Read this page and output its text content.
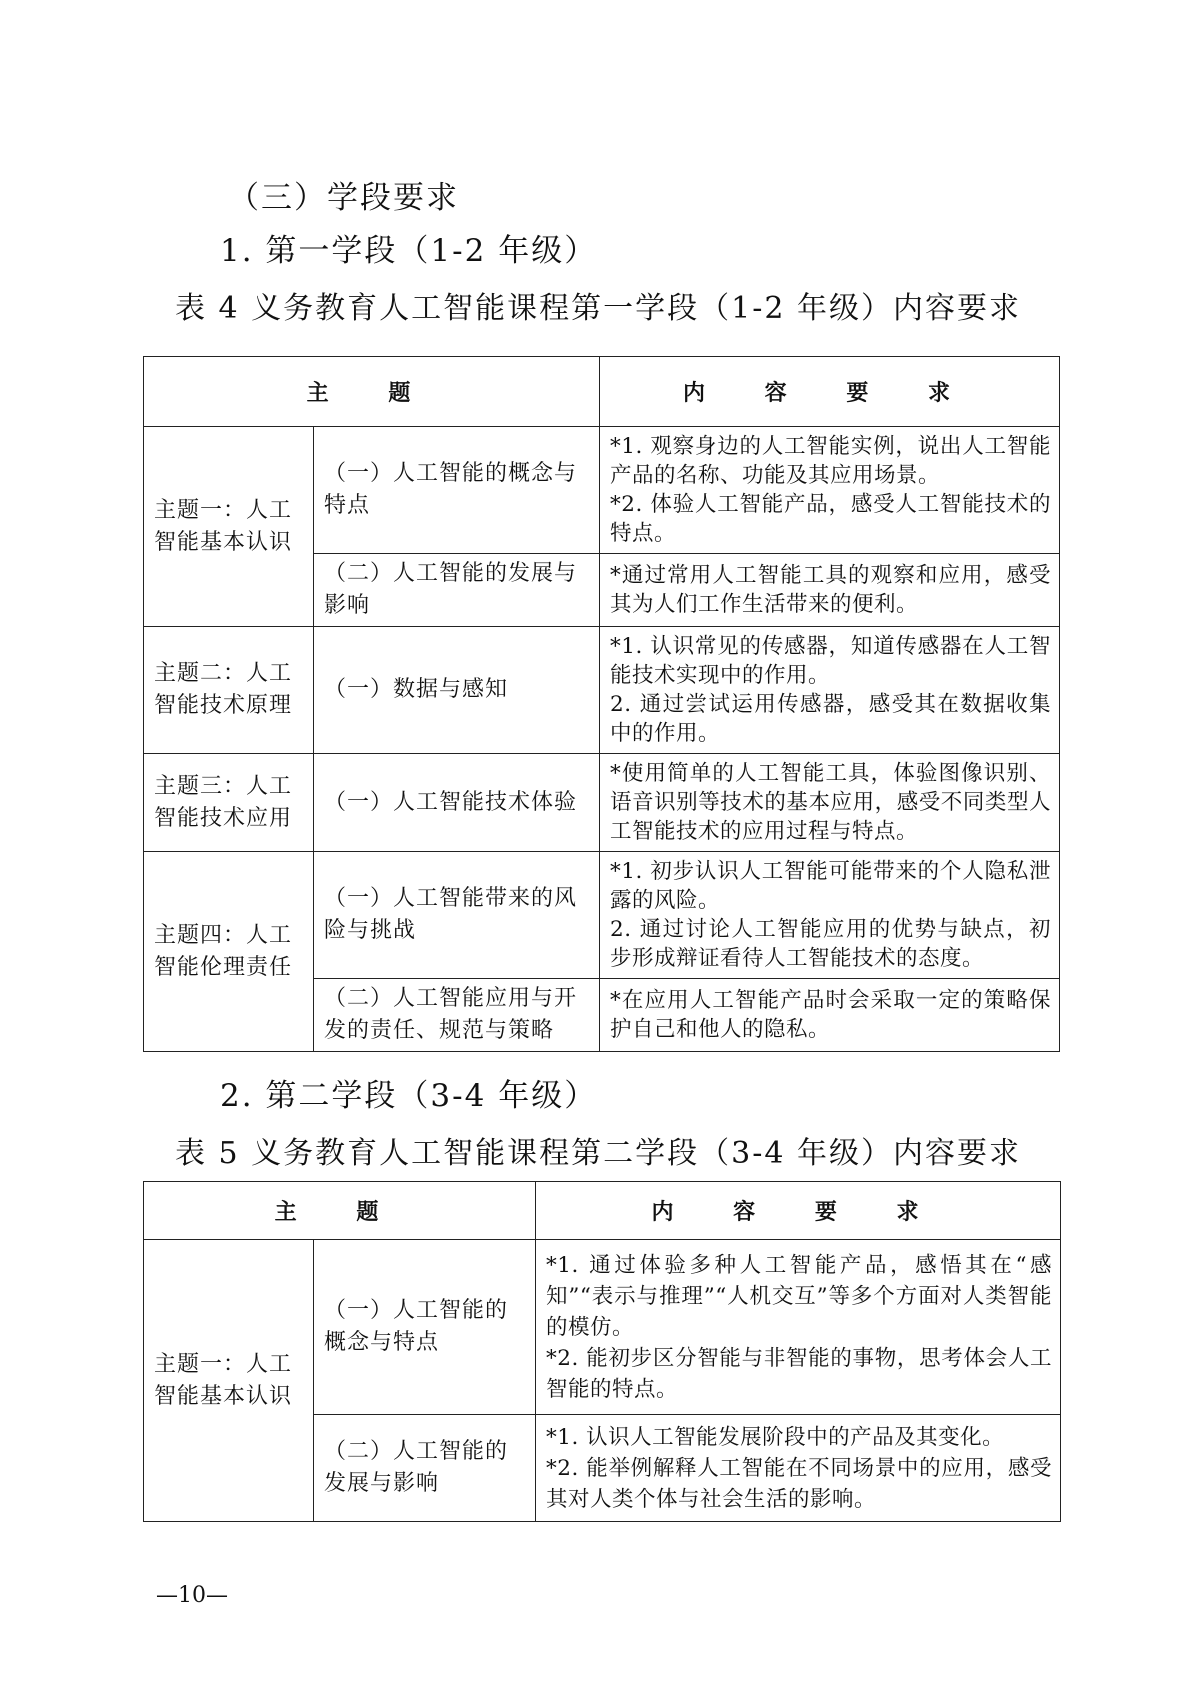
（三）学段要求
1. 第一学段（1-2 年级）
表 4 义务教育人工智能课程第一学段（1-2 年级）内容要求
主 题		内 容 要 求
主题一：人工智能基本认识	（一）人工智能的概念与特点	*1. 观察身边的人工智能实例，说出人工智能产品的名称、功能及其应用场景。

*2. 体验人工智能产品，感受人工智能技术的特点。

	（二）人工智能的发展与影响	*通过常用人工智能工具的观察和应用，感受其为人们工作生活带来的便利。

主题二：人工智能技术原理	（一）数据与感知	*1. 认识常见的传感器，知道传感器在人工智能技术实现中的作用。

2. 通过尝试运用传感器，感受其在数据收集中的作用。

主题三：人工智能技术应用	（一）人工智能技术体验	*使用简单的人工智能工具，体验图像识别、语音识别等技术的基本应用，感受不同类型人工智能技术的应用过程与特点。

主题四：人工智能伦理责任	（一）人工智能带来的风险与挑战	*1. 初步认识人工智能可能带来的个人隐私泄露的风险。

2. 通过讨论人工智能应用的优势与缺点，初步形成辩证看待人工智能技术的态度。

	（二）人工智能应用与开发的责任、规范与策略	*在应用人工智能产品时会采取一定的策略保护自己和他人的隐私。

2. 第二学段（3-4 年级）
表 5 义务教育人工智能课程第二学段（3-4 年级）内容要求
主 题		内 容 要 求
主题一：人工智能基本认识	（一）人工智能的概念与特点	*1. 通过体验多种人工智能产品，感悟其在“感知”“表示与推理”“人机交互”等多个方面对人类智能的模仿。

*2. 能初步区分智能与非智能的事物，思考体会人工智能的特点。

	（二）人工智能的发展与影响	*1. 认识人工智能发展阶段中的产品及其变化。

*2. 能举例解释人工智能在不同场景中的应用，感受其对人类个体与社会生活的影响。

—10—
